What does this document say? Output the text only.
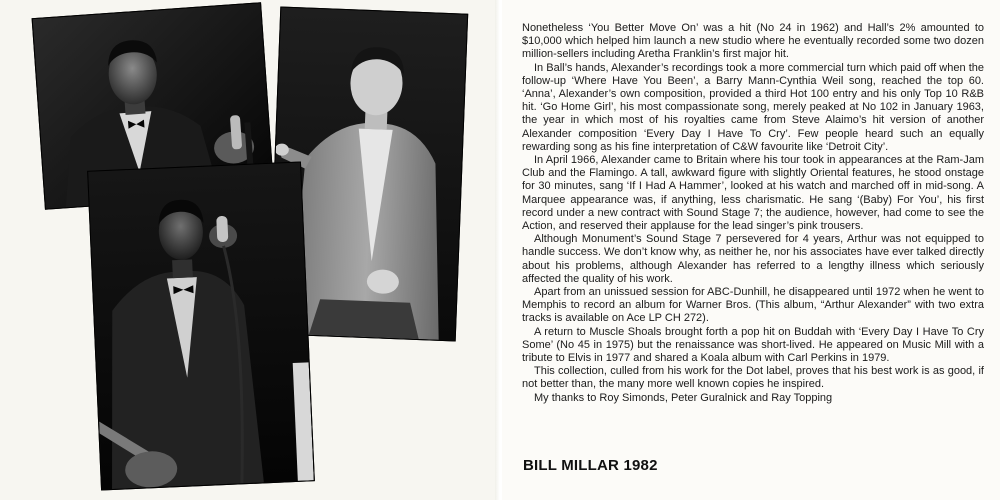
Nonetheless ‘You Better Move On’ was a hit (No 24 in 1962) and Hall’s 2% amounted to $10,000 which helped him launch a new studio where he eventually recorded some two dozen million-sellers including Aretha Franklin’s first major hit.

In Ball’s hands, Alexander’s recordings took a more commercial turn which paid off when the follow-up ‘Where Have You Been’, a Barry Mann-Cynthia Weil song, reached the top 60. ‘Anna’, Alexander’s own composition, provided a third Hot 100 entry and his only Top 10 R&B hit. ‘Go Home Girl’, his most compassionate song, merely peaked at No 102 in January 1963, the year in which most of his royalties came from Steve Alaimo’s hit version of another Alexander composition ‘Every Day I Have To Cry’. Few people heard such an equally rewarding song as his fine interpretation of C&W favourite like ‘Detroit City’.

In April 1966, Alexander came to Britain where his tour took in appearances at the Ram-Jam Club and the Flamingo. A tall, awkward figure with slightly Oriental features, he stood onstage for 30 minutes, sang ‘If I Had A Hammer’, looked at his watch and marched off in mid-song. A Marquee appearance was, if anything, less charismatic. He sang ‘(Baby) For You’, his first record under a new contract with Sound Stage 7; the audience, however, had come to see the Action, and reserved their applause for the lead singer’s pink trousers.

Although Monument’s Sound Stage 7 persevered for 4 years, Arthur was not equipped to handle success. We don’t know why, as neither he, nor his associates have ever talked directly about his problems, although Alexander has referred to a lengthy illness which seriously affected the quality of his work.

Apart from an unissued session for ABC-Dunhill, he disappeared until 1972 when he went to Memphis to record an album for Warner Bros. (This album, “Arthur Alexander” with two extra tracks is available on Ace LP CH 272).

A return to Muscle Shoals brought forth a pop hit on Buddah with ‘Every Day I Have To Cry Some’ (No 45 in 1975) but the renaissance was short-lived. He appeared on Music Mill with a tribute to Elvis in 1977 and shared a Koala album with Carl Perkins in 1979.

This collection, culled from his work for the Dot label, proves that his best work is as good, if not better than, the many more well known copies he inspired.

My thanks to Roy Simonds, Peter Guralnick and Ray Topping

BILL MILLAR 1982
